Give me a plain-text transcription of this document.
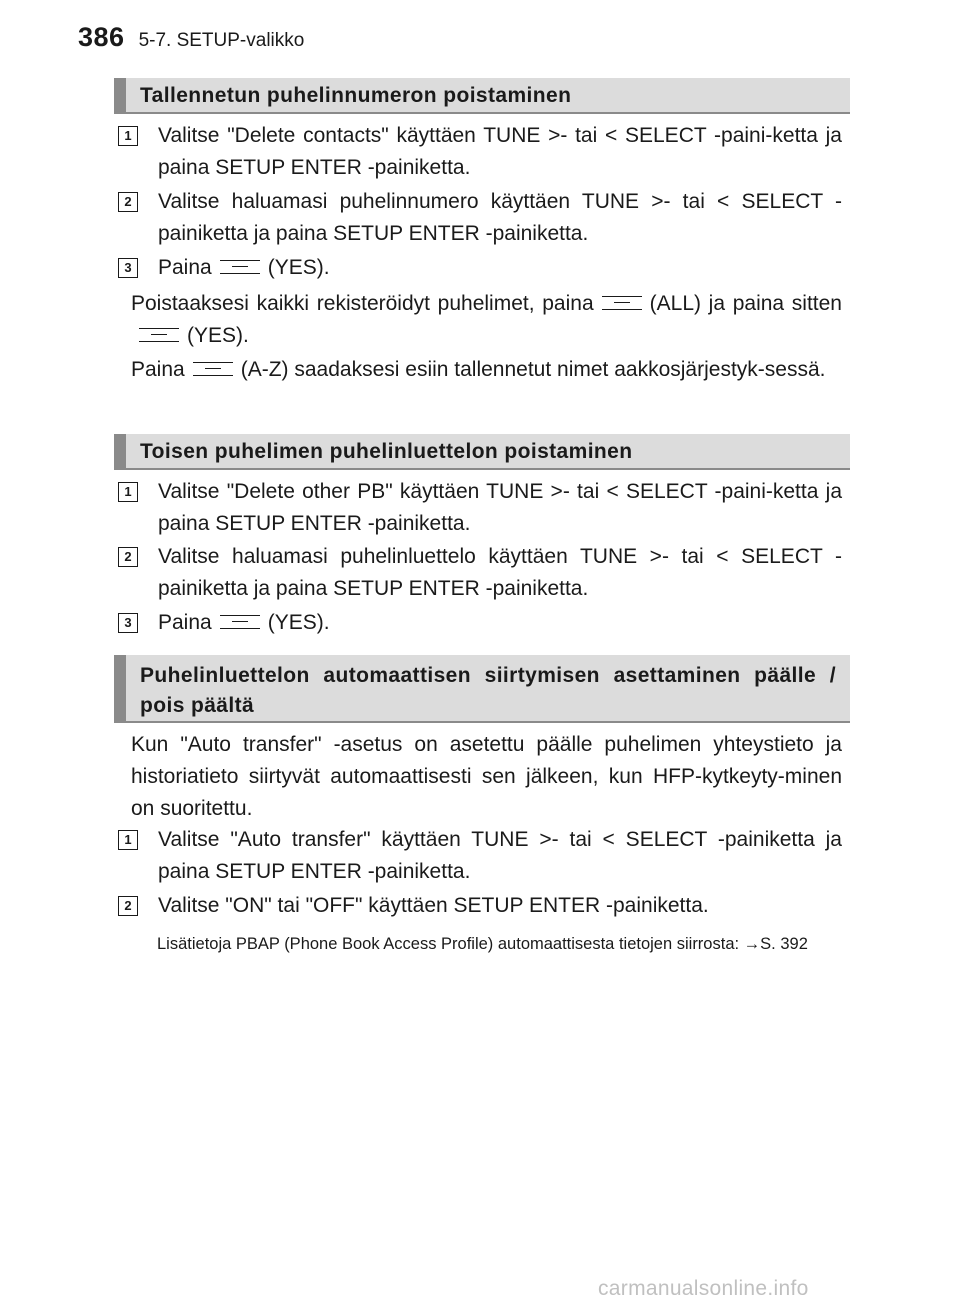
386 5-7. SETUP-valikko
Tallennetun puhelinnumeron poistaminen
1	Valitse "Delete contacts" käyttäen TUNE >- tai < SELECT -paini-ketta ja paina SETUP ENTER -painiketta.
2	Valitse haluamasi puhelinnumero käyttäen TUNE >- tai < SELECT -painiketta ja paina SETUP ENTER -painiketta.
3	Paina	(YES).
Poistaaksesi kaikki rekisteröidyt puhelimet, paina	(ALL) ja paina sitten
(YES).
Paina	(A-Z) saadaksesi esiin tallennetut nimet aakkosjärjestyk-sessä.
Toisen puhelimen puhelinluettelon poistaminen
1	Valitse "Delete other PB" käyttäen TUNE >- tai < SELECT -paini-ketta ja paina SETUP ENTER -painiketta.
2	Valitse haluamasi puhelinluettelo käyttäen TUNE >- tai < SELECT -painiketta ja paina SETUP ENTER -painiketta.
3	Paina	(YES).
Puhelinluettelon automaattisen siirtymisen asettaminen päälle / pois päältä
Kun "Auto transfer" -asetus on asetettu päälle puhelimen yhteystieto ja historiatieto siirtyvät automaattisesti sen jälkeen, kun HFP-kytkeyty-minen on suoritettu.
1	Valitse "Auto transfer" käyttäen TUNE >- tai < SELECT -painiketta ja paina SETUP ENTER -painiketta.
2	Valitse "ON" tai "OFF" käyttäen SETUP ENTER -painiketta.
Lisätietoja PBAP (Phone Book Access Profile) automaattisesta tietojen siirrosta: →S. 392
carmanualsonline.info
